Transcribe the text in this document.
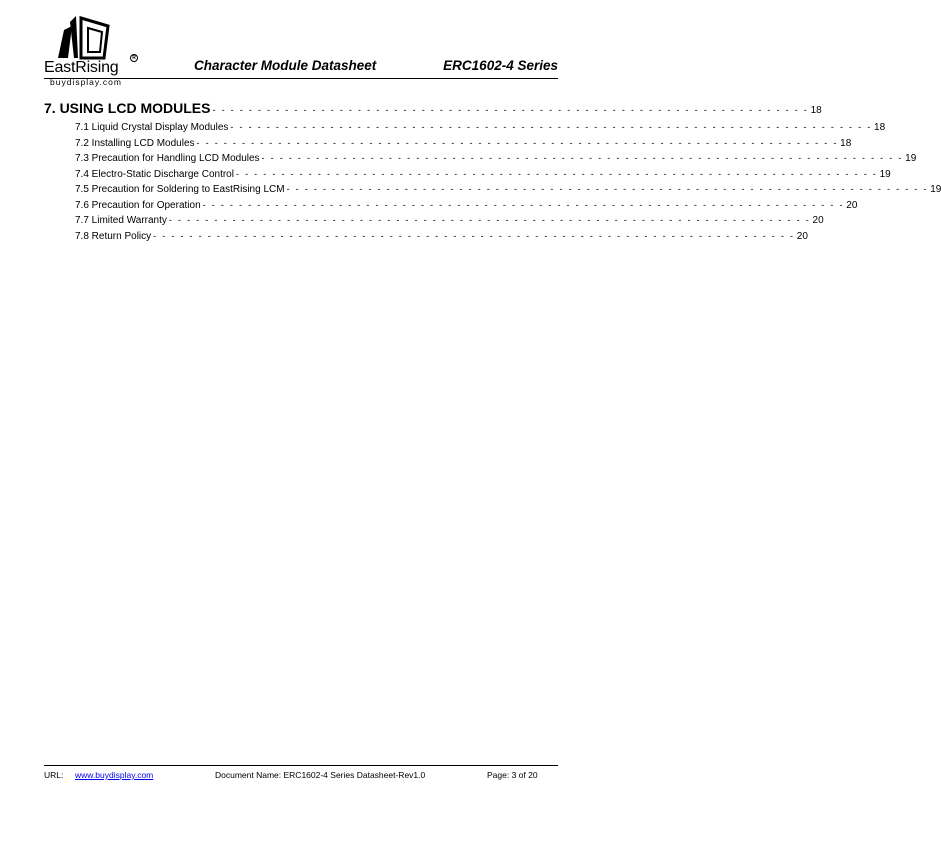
EastRising
R
buydisplay.com
Character Module Datasheet	ERC1602-4 Series
7. USING LCD MODULES - - - - - - - - - - - - - - - - - - - - - - - - - - - - - - - - - - - - - - - - - - - - - - - - - - - - - - - - - - - - - - - - - - 18
7.1 Liquid Crystal Display Modules - - - - - - - - - - - - - - - - - - - - - - - - - - - - - - - - - - - - - - - - - - - - - - - - - - - - - - - - - - - - - - - - - - - - - - - 18
7.2 Installing LCD Modules - - - - - - - - - - - - - - - - - - - - - - - - - - - - - - - - - - - - - - - - - - - - - - - - - - - - - - - - - - - - - - - - - - - - - - - 18
7.3 Precaution for Handling LCD Modules - - - - - - - - - - - - - - - - - - - - - - - - - - - - - - - - - - - - - - - - - - - - - - - - - - - - - - - - - - - - - - - - - - - - - - - 19
7.4 Electro-Static Discharge Control - - - - - - - - - - - - - - - - - - - - - - - - - - - - - - - - - - - - - - - - - - - - - - - - - - - - - - - - - - - - - - - - - - - - - - - 19
7.5 Precaution for Soldering to EastRising LCM - - - - - - - - - - - - - - - - - - - - - - - - - - - - - - - - - - - - - - - - - - - - - - - - - - - - - - - - - - - - - - - - - - - - - - - 19
7.6 Precaution for Operation - - - - - - - - - - - - - - - - - - - - - - - - - - - - - - - - - - - - - - - - - - - - - - - - - - - - - - - - - - - - - - - - - - - - - - - 20
7.7 Limited Warranty - - - - - - - - - - - - - - - - - - - - - - - - - - - - - - - - - - - - - - - - - - - - - - - - - - - - - - - - - - - - - - - - - - - - - - - 20
7.8 Return Policy - - - - - - - - - - - - - - - - - - - - - - - - - - - - - - - - - - - - - - - - - - - - - - - - - - - - - - - - - - - - - - - - - - - - - - - 20
URL: www.buydisplay.com	Document Name: ERC1602-4 Series Datasheet-Rev1.0	Page: 3 of 20
